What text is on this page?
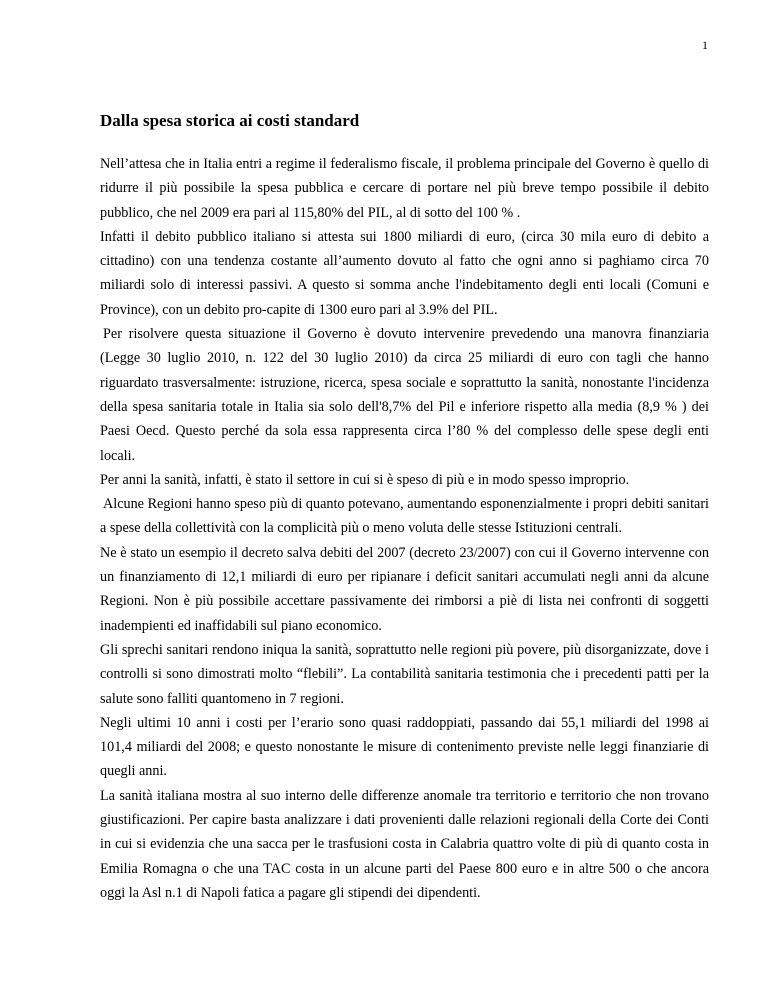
1
Dalla spesa storica ai costi standard

Nell’attesa che in Italia entri a regime il federalismo fiscale, il problema principale del Governo è quello di ridurre il più possibile la spesa pubblica e cercare di portare nel più breve tempo possibile il debito pubblico, che nel 2009 era pari al 115,80% del PIL, al di sotto del 100 % .

Infatti il debito pubblico italiano si attesta sui 1800 miliardi di euro, (circa 30 mila euro di debito a cittadino) con una tendenza costante all’aumento dovuto al fatto che ogni anno si paghiamo circa 70 miliardi solo di interessi passivi. A questo si somma anche l'indebitamento degli enti locali (Comuni e Province), con un debito pro-capite di 1300 euro pari al 3.9% del PIL.

Per risolvere questa situazione il Governo è dovuto intervenire prevedendo una manovra finanziaria (Legge 30 luglio 2010, n. 122 del 30 luglio 2010) da circa 25 miliardi di euro con tagli che hanno riguardato trasversalmente: istruzione, ricerca, spesa sociale e soprattutto la sanità, nonostante l'incidenza della spesa sanitaria totale in Italia sia solo dell'8,7% del Pil e inferiore rispetto alla media (8,9 % ) dei Paesi Oecd. Questo perché da sola essa rappresenta circa l’80 % del complesso delle spese degli enti locali.

Per anni la sanità, infatti, è stato il settore in cui si è speso di più e in modo spesso improprio.

Alcune Regioni hanno speso più di quanto potevano, aumentando esponenzialmente i propri debiti sanitari a spese della collettività con la complicità più o meno voluta delle stesse Istituzioni centrali.

Ne è stato un esempio il decreto salva debiti del 2007 (decreto 23/2007) con cui il Governo intervenne con un finanziamento di 12,1 miliardi di euro per ripianare i deficit sanitari accumulati negli anni da alcune Regioni. Non è più possibile accettare passivamente dei rimborsi a piè di lista nei confronti di soggetti inadempienti ed inaffidabili sul piano economico.

Gli sprechi sanitari rendono iniqua la sanità, soprattutto nelle regioni più povere, più disorganizzate, dove i controlli si sono dimostrati molto “flebili”. La contabilità sanitaria testimonia che i precedenti patti per la salute sono falliti quantomeno in 7 regioni.

Negli ultimi 10 anni i costi per l’erario sono quasi raddoppiati, passando dai 55,1 miliardi del 1998 ai 101,4 miliardi del 2008; e questo nonostante le misure di contenimento previste nelle leggi finanziarie di quegli anni.

La sanità italiana mostra al suo interno delle differenze anomale tra territorio e territorio che non trovano giustificazioni. Per capire basta analizzare i dati provenienti dalle relazioni regionali della Corte dei Conti in cui si evidenzia che una sacca per le trasfusioni costa in Calabria quattro volte di più di quanto costa in Emilia Romagna o che una TAC costa in un alcune parti del Paese 800 euro e in altre 500 o che ancora oggi la Asl n.1 di Napoli fatica a pagare gli stipendi dei dipendenti.
